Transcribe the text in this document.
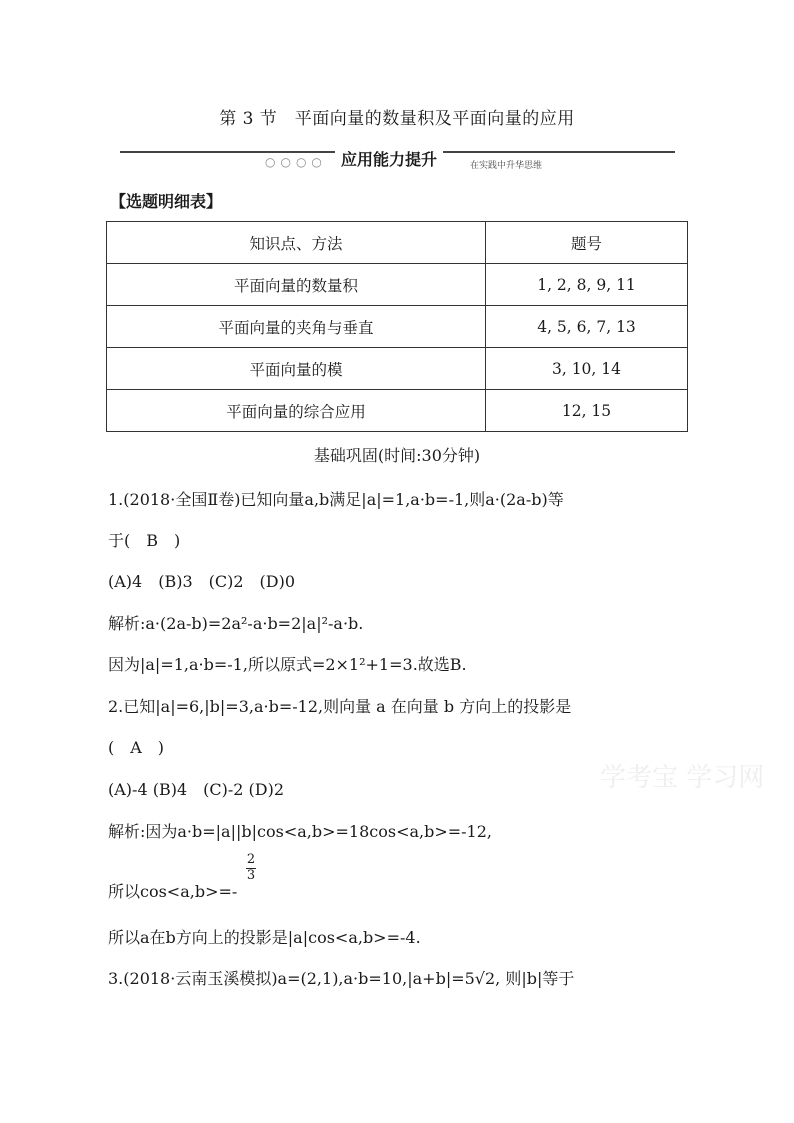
第 3 节　平面向量的数量积及平面向量的应用
○○○○ 应用能力提升	在实践中升华思维
【选题明细表】
知识点、方法	题号
平面向量的数量积	1, 2, 8, 9, 11
平面向量的夹角与垂直	4, 5, 6, 7, 13
平面向量的模	3, 10, 14
平面向量的综合应用	12, 15
基础巩固(时间:30分钟)
1.(2018·全国Ⅱ卷)已知向量a,b满足|a|=1,a·b=-1,则a·(2a-b)等
于(　B　)
(A)4　(B)3　(C)2　(D)0
解析:a·(2a-b)=2a²-a·b=2|a|²-a·b.
因为|a|=1,a·b=-1,所以原式=2×1²+1=3.故选B.
2.已知|a|=6,|b|=3,a·b=-12,则向量 a 在向量 b 方向上的投影是
(　A　)
(A)-4 (B)4　(C)-2 (D)2
解析:因为a·b=|a||b|cos<a,b>=18cos<a,b>=-12,
所以cos<a,b>=-
2
3
所以a在b方向上的投影是|a|cos<a,b>=-4.
3.(2018·云南玉溪模拟)a=(2,1),a·b=10,|a+b|=5√2, 则|b|等于
学考宝 学习网
